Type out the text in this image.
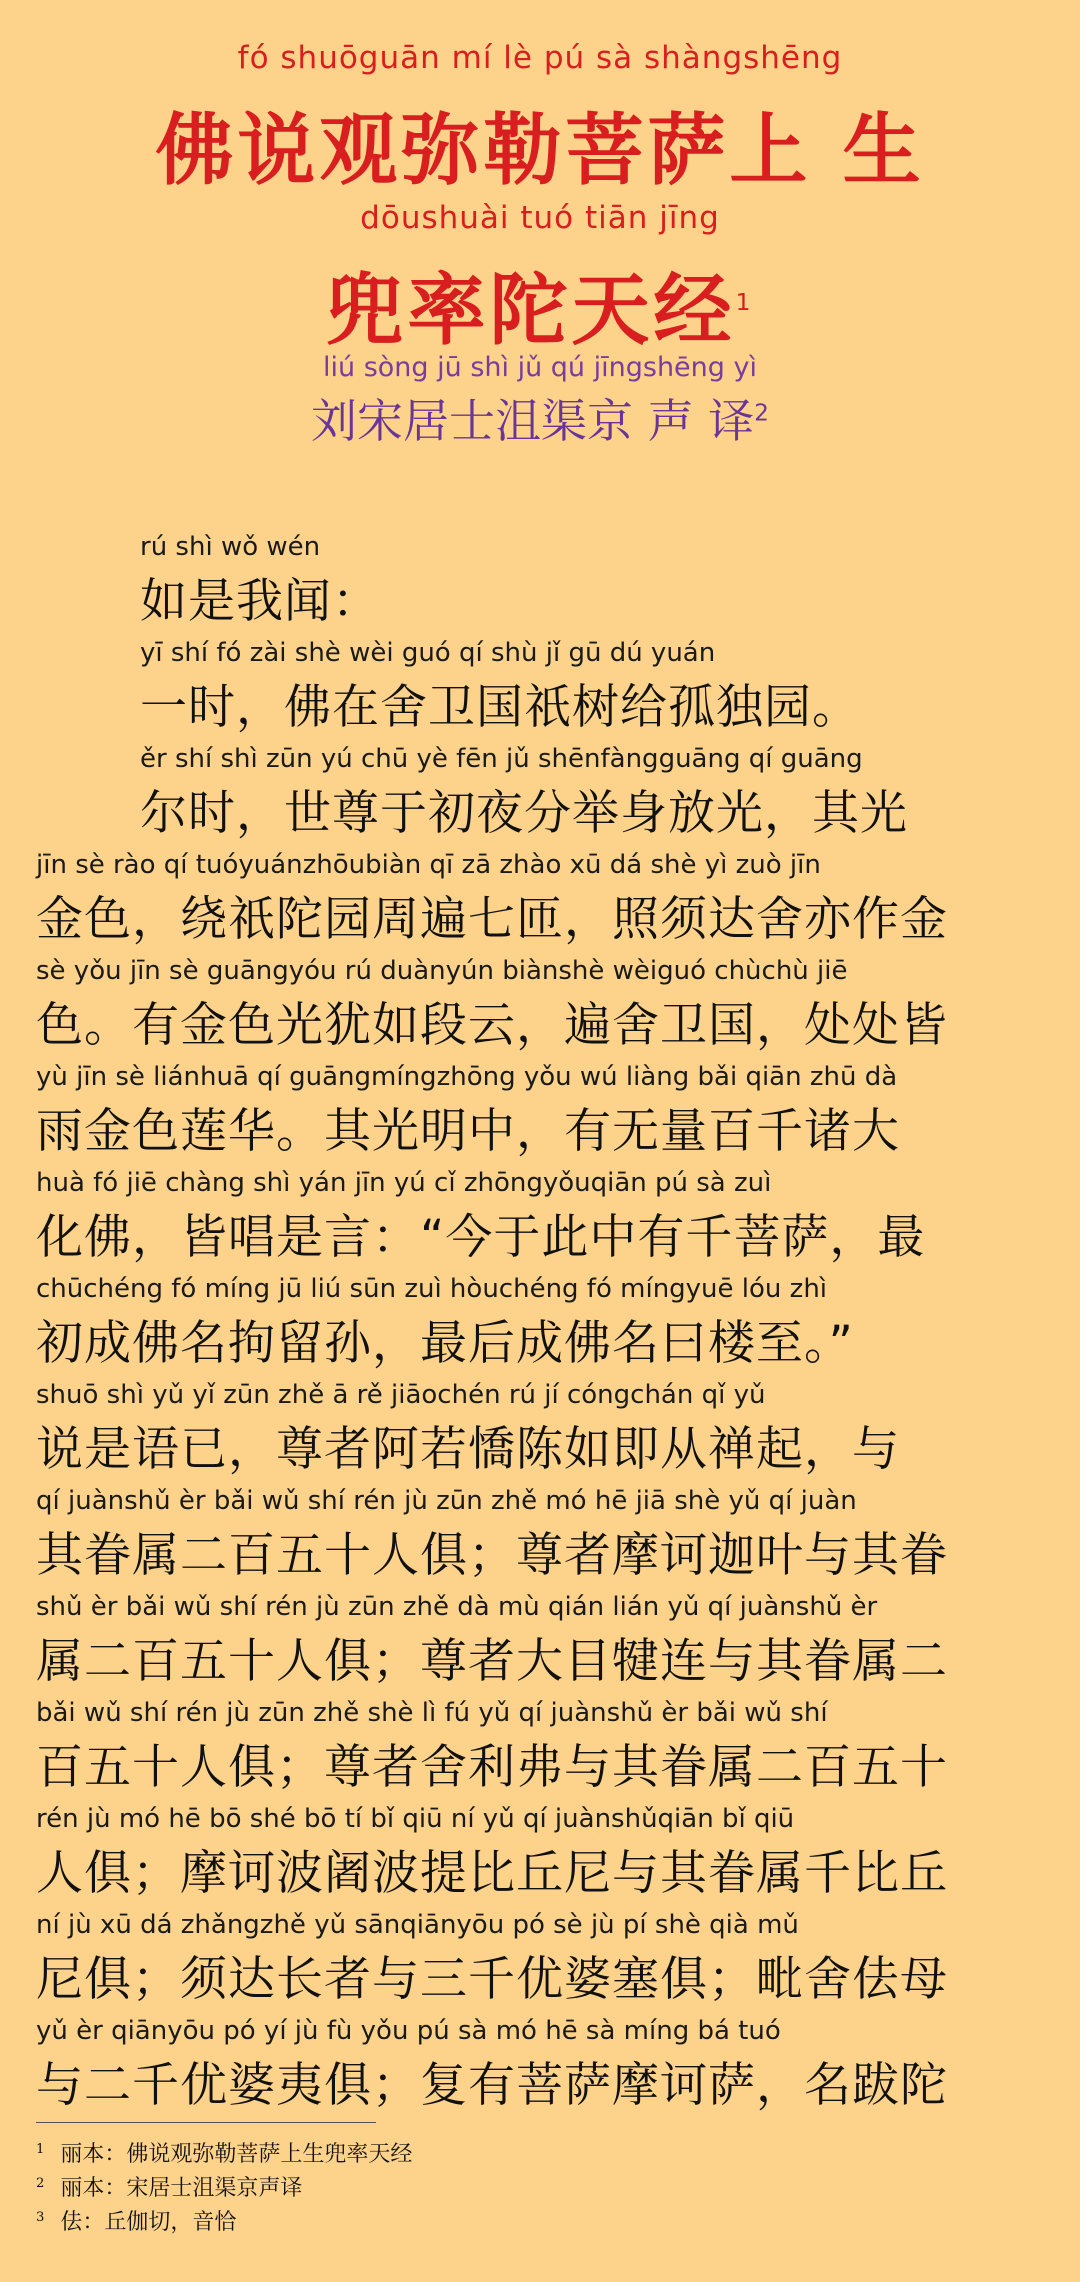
fó shuōguān mí lè pú sà shàngshēng
佛说观弥勒菩萨上 生
dōushuài tuó tiān jīng
兜率陀天经$^1$
liú sòng jū shì jǔ qú jīngshēng yì
刘宋居士沮渠京 声 译$^2$
rú shì wǒ wén
如是我闻：
yī shí fó zài shè wèi guó qí shù jǐ gū dú yuán
一时，佛在舍卫国祇树给孤独园。
ěr shí shì zūn yú chū yè fēn jǔ shēnfàngguāng qí guāng
尔时，世尊于初夜分举身放光，其光
jīn sè rào qí tuóyuánzhōubiàn qī zā zhào xū dá shè yì zuò jīn
金色，绕祇陀园周遍七匝，照须达舍亦作金
sè yǒu jīn sè guāngyóu rú duànyún biànshè wèiguó chùchù jiē
色。有金色光犹如段云，遍舍卫国，处处皆
yù jīn sè liánhuā qí guāngmíngzhōng yǒu wú liàng bǎi qiān zhū dà
雨金色莲华。其光明中，有无量百千诸大
huà fó jiē chàng shì yán jīn yú cǐ zhōngyǒuqiān pú sà zuì
化佛，皆唱是言：“今于此中有千菩萨，最
chūchéng fó míng jū liú sūn zuì hòuchéng fó míngyuē lóu zhì
初成佛名拘留孙，最后成佛名曰楼至。”
shuō shì yǔ yǐ zūn zhě ā rě jiāochén rú jí cóngchán qǐ yǔ
说是语已，尊者阿若憍陈如即从禅起，与
qí juànshǔ èr bǎi wǔ shí rén jù zūn zhě mó hē jiā shè yǔ qí juàn
其眷属二百五十人俱；尊者摩诃迦叶与其眷
shǔ èr bǎi wǔ shí rén jù zūn zhě dà mù qián lián yǔ qí juànshǔ èr
属二百五十人俱；尊者大目犍连与其眷属二
bǎi wǔ shí rén jù zūn zhě shè lì fú yǔ qí juànshǔ èr bǎi wǔ shí
百五十人俱；尊者舍利弗与其眷属二百五十
rén jù mó hē bō shé bō tí bǐ qiū ní yǔ qí juànshǔqiān bǐ qiū
人俱；摩诃波阇波提比丘尼与其眷属千比丘
ní jù xū dá zhǎngzhě yǔ sānqiānyōu pó sè jù pí shè qià mǔ
尼俱；须达长者与三千优婆塞俱；毗舍佉母
yǔ èr qiānyōu pó yí jù fù yǒu pú sà mó hē sà míng bá tuó
与二千优婆夷俱；复有菩萨摩诃萨，名跋陀
$^1$ 丽本：佛说观弥勒菩萨上生兜率天经
$^2$ 丽本：宋居士沮渠京声译
$^3$ 佉：丘伽切，音恰
